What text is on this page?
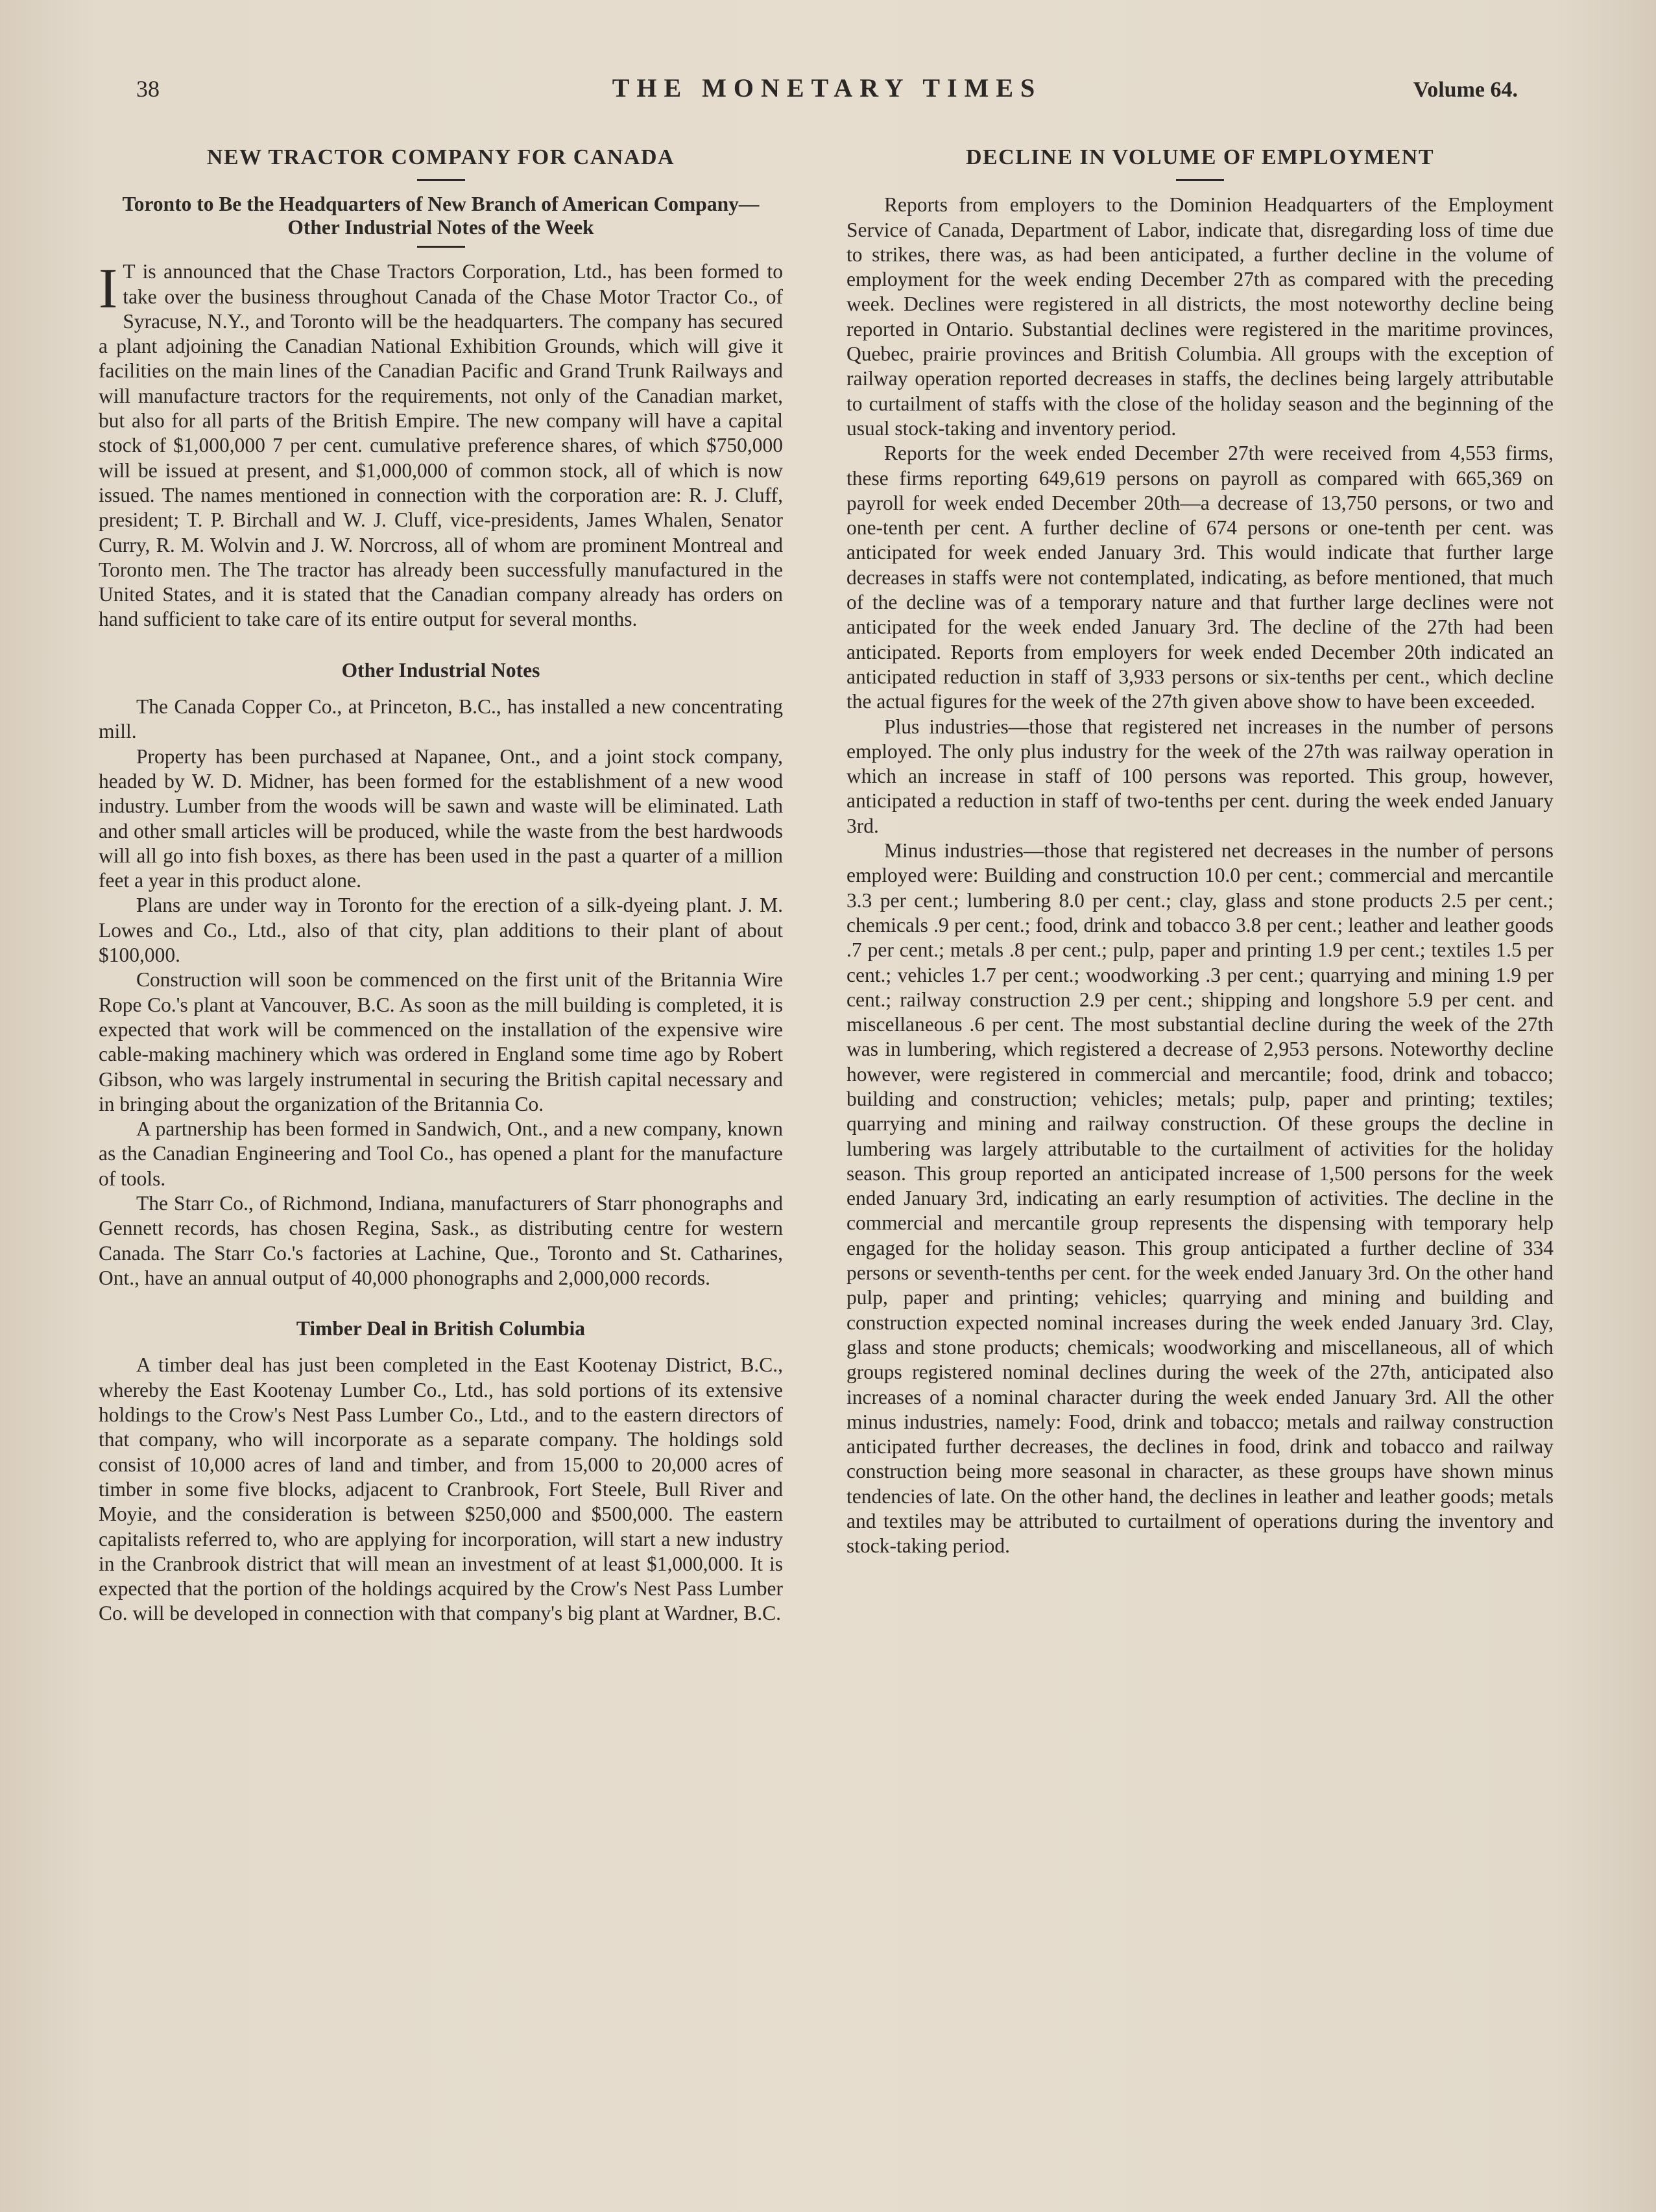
38	THE MONETARY TIMES	Volume 64.
NEW TRACTOR COMPANY FOR CANADA
Toronto to Be the Headquarters of New Branch of American Company—Other Industrial Notes of the Week

I T is announced that the Chase Tractors Corporation, Ltd., has been formed to take over the business throughout Canada of the Chase Motor Tractor Co., of Syracuse, N.Y., and Toronto will be the headquarters. The company has secured a plant adjoining the Canadian National Exhibition Grounds, which will give it facilities on the main lines of the Canadian Pacific and Grand Trunk Railways and will manufacture tractors for the requirements, not only of the Canadian market, but also for all parts of the British Empire. The new company will have a capital stock of $1,000,000 7 per cent. cumulative preference shares, of which $750,000 will be issued at present, and $1,000,000 of common stock, all of which is now issued. The names mentioned in connection with the corporation are: R. J. Cluff, president; T. P. Birchall and W. J. Cluff, vice-presidents, James Whalen, Senator Curry, R. M. Wolvin and J. W. Norcross, all of whom are prominent Montreal and Toronto men. The The tractor has already been successfully manufactured in the United States, and it is stated that the Canadian company already has orders on hand sufficient to take care of its entire output for several months.

Other Industrial Notes

The Canada Copper Co., at Princeton, B.C., has installed a new concentrating mill.

Property has been purchased at Napanee, Ont., and a joint stock company, headed by W. D. Midner, has been formed for the establishment of a new wood industry. Lumber from the woods will be sawn and waste will be eliminated. Lath and other small articles will be produced, while the waste from the best hardwoods will all go into fish boxes, as there has been used in the past a quarter of a million feet a year in this product alone.

Plans are under way in Toronto for the erection of a silk-dyeing plant. J. M. Lowes and Co., Ltd., also of that city, plan additions to their plant of about $100,000.

Construction will soon be commenced on the first unit of the Britannia Wire Rope Co.'s plant at Vancouver, B.C. As soon as the mill building is completed, it is expected that work will be commenced on the installation of the expensive wire cable-making machinery which was ordered in England some time ago by Robert Gibson, who was largely instrumental in securing the British capital necessary and in bringing about the organization of the Britannia Co.

A partnership has been formed in Sandwich, Ont., and a new company, known as the Canadian Engineering and Tool Co., has opened a plant for the manufacture of tools.

The Starr Co., of Richmond, Indiana, manufacturers of Starr phonographs and Gennett records, has chosen Regina, Sask., as distributing centre for western Canada. The Starr Co.'s factories at Lachine, Que., Toronto and St. Catharines, Ont., have an annual output of 40,000 phonographs and 2,000,000 records.

Timber Deal in British Columbia

A timber deal has just been completed in the East Kootenay District, B.C., whereby the East Kootenay Lumber Co., Ltd., has sold portions of its extensive holdings to the Crow's Nest Pass Lumber Co., Ltd., and to the eastern directors of that company, who will incorporate as a separate company. The holdings sold consist of 10,000 acres of land and timber, and from 15,000 to 20,000 acres of timber in some five blocks, adjacent to Cranbrook, Fort Steele, Bull River and Moyie, and the consideration is between $250,000 and $500,000. The eastern capitalists referred to, who are applying for incorporation, will start a new industry in the Cranbrook district that will mean an investment of at least $1,000,000. It is expected that the portion of the holdings acquired by the Crow's Nest Pass Lumber Co. will be developed in connection with that company's big plant at Wardner, B.C.

DECLINE IN VOLUME OF EMPLOYMENT

Reports from employers to the Dominion Headquarters of the Employment Service of Canada, Department of Labor, indicate that, disregarding loss of time due to strikes, there was, as had been anticipated, a further decline in the volume of employment for the week ending December 27th as compared with the preceding week. Declines were registered in all districts, the most noteworthy decline being reported in Ontario. Substantial declines were registered in the maritime provinces, Quebec, prairie provinces and British Columbia. All groups with the exception of railway operation reported decreases in staffs, the declines being largely attributable to curtailment of staffs with the close of the holiday season and the beginning of the usual stock-taking and inventory period.

Reports for the week ended December 27th were received from 4,553 firms, these firms reporting 649,619 persons on payroll as compared with 665,369 on payroll for week ended December 20th—a decrease of 13,750 persons, or two and one-tenth per cent. A further decline of 674 persons or one-tenth per cent. was anticipated for week ended January 3rd. This would indicate that further large decreases in staffs were not contemplated, indicating, as before mentioned, that much of the decline was of a temporary nature and that further large declines were not anticipated for the week ended January 3rd. The decline of the 27th had been anticipated. Reports from employers for week ended December 20th indicated an anticipated reduction in staff of 3,933 persons or six-tenths per cent., which decline the actual figures for the week of the 27th given above show to have been exceeded.

Plus industries—those that registered net increases in the number of persons employed. The only plus industry for the week of the 27th was railway operation in which an increase in staff of 100 persons was reported. This group, however, anticipated a reduction in staff of two-tenths per cent. during the week ended January 3rd.

Minus industries—those that registered net decreases in the number of persons employed were: Building and construction 10.0 per cent.; commercial and mercantile 3.3 per cent.; lumbering 8.0 per cent.; clay, glass and stone products 2.5 per cent.; chemicals .9 per cent.; food, drink and tobacco 3.8 per cent.; leather and leather goods .7 per cent.; metals .8 per cent.; pulp, paper and printing 1.9 per cent.; textiles 1.5 per cent.; vehicles 1.7 per cent.; woodworking .3 per cent.; quarrying and mining 1.9 per cent.; railway construction 2.9 per cent.; shipping and longshore 5.9 per cent. and miscellaneous .6 per cent. The most substantial decline during the week of the 27th was in lumbering, which registered a decrease of 2,953 persons. Noteworthy decline however, were registered in commercial and mercantile; food, drink and tobacco; building and construction; vehicles; metals; pulp, paper and printing; textiles; quarrying and mining and railway construction. Of these groups the decline in lumbering was largely attributable to the curtailment of activities for the holiday season. This group reported an anticipated increase of 1,500 persons for the week ended January 3rd, indicating an early resumption of activities. The decline in the commercial and mercantile group represents the dispensing with temporary help engaged for the holiday season. This group anticipated a further decline of 334 persons or seventh-tenths per cent. for the week ended January 3rd. On the other hand pulp, paper and printing; vehicles; quarrying and mining and building and construction expected nominal increases during the week ended January 3rd. Clay, glass and stone products; chemicals; woodworking and miscellaneous, all of which groups registered nominal declines during the week of the 27th, anticipated also increases of a nominal character during the week ended January 3rd. All the other minus industries, namely: Food, drink and tobacco; metals and railway construction anticipated further decreases, the declines in food, drink and tobacco and railway construction being more seasonal in character, as these groups have shown minus tendencies of late. On the other hand, the declines in leather and leather goods; metals and textiles may be attributed to curtailment of operations during the inventory and stock-taking period.
